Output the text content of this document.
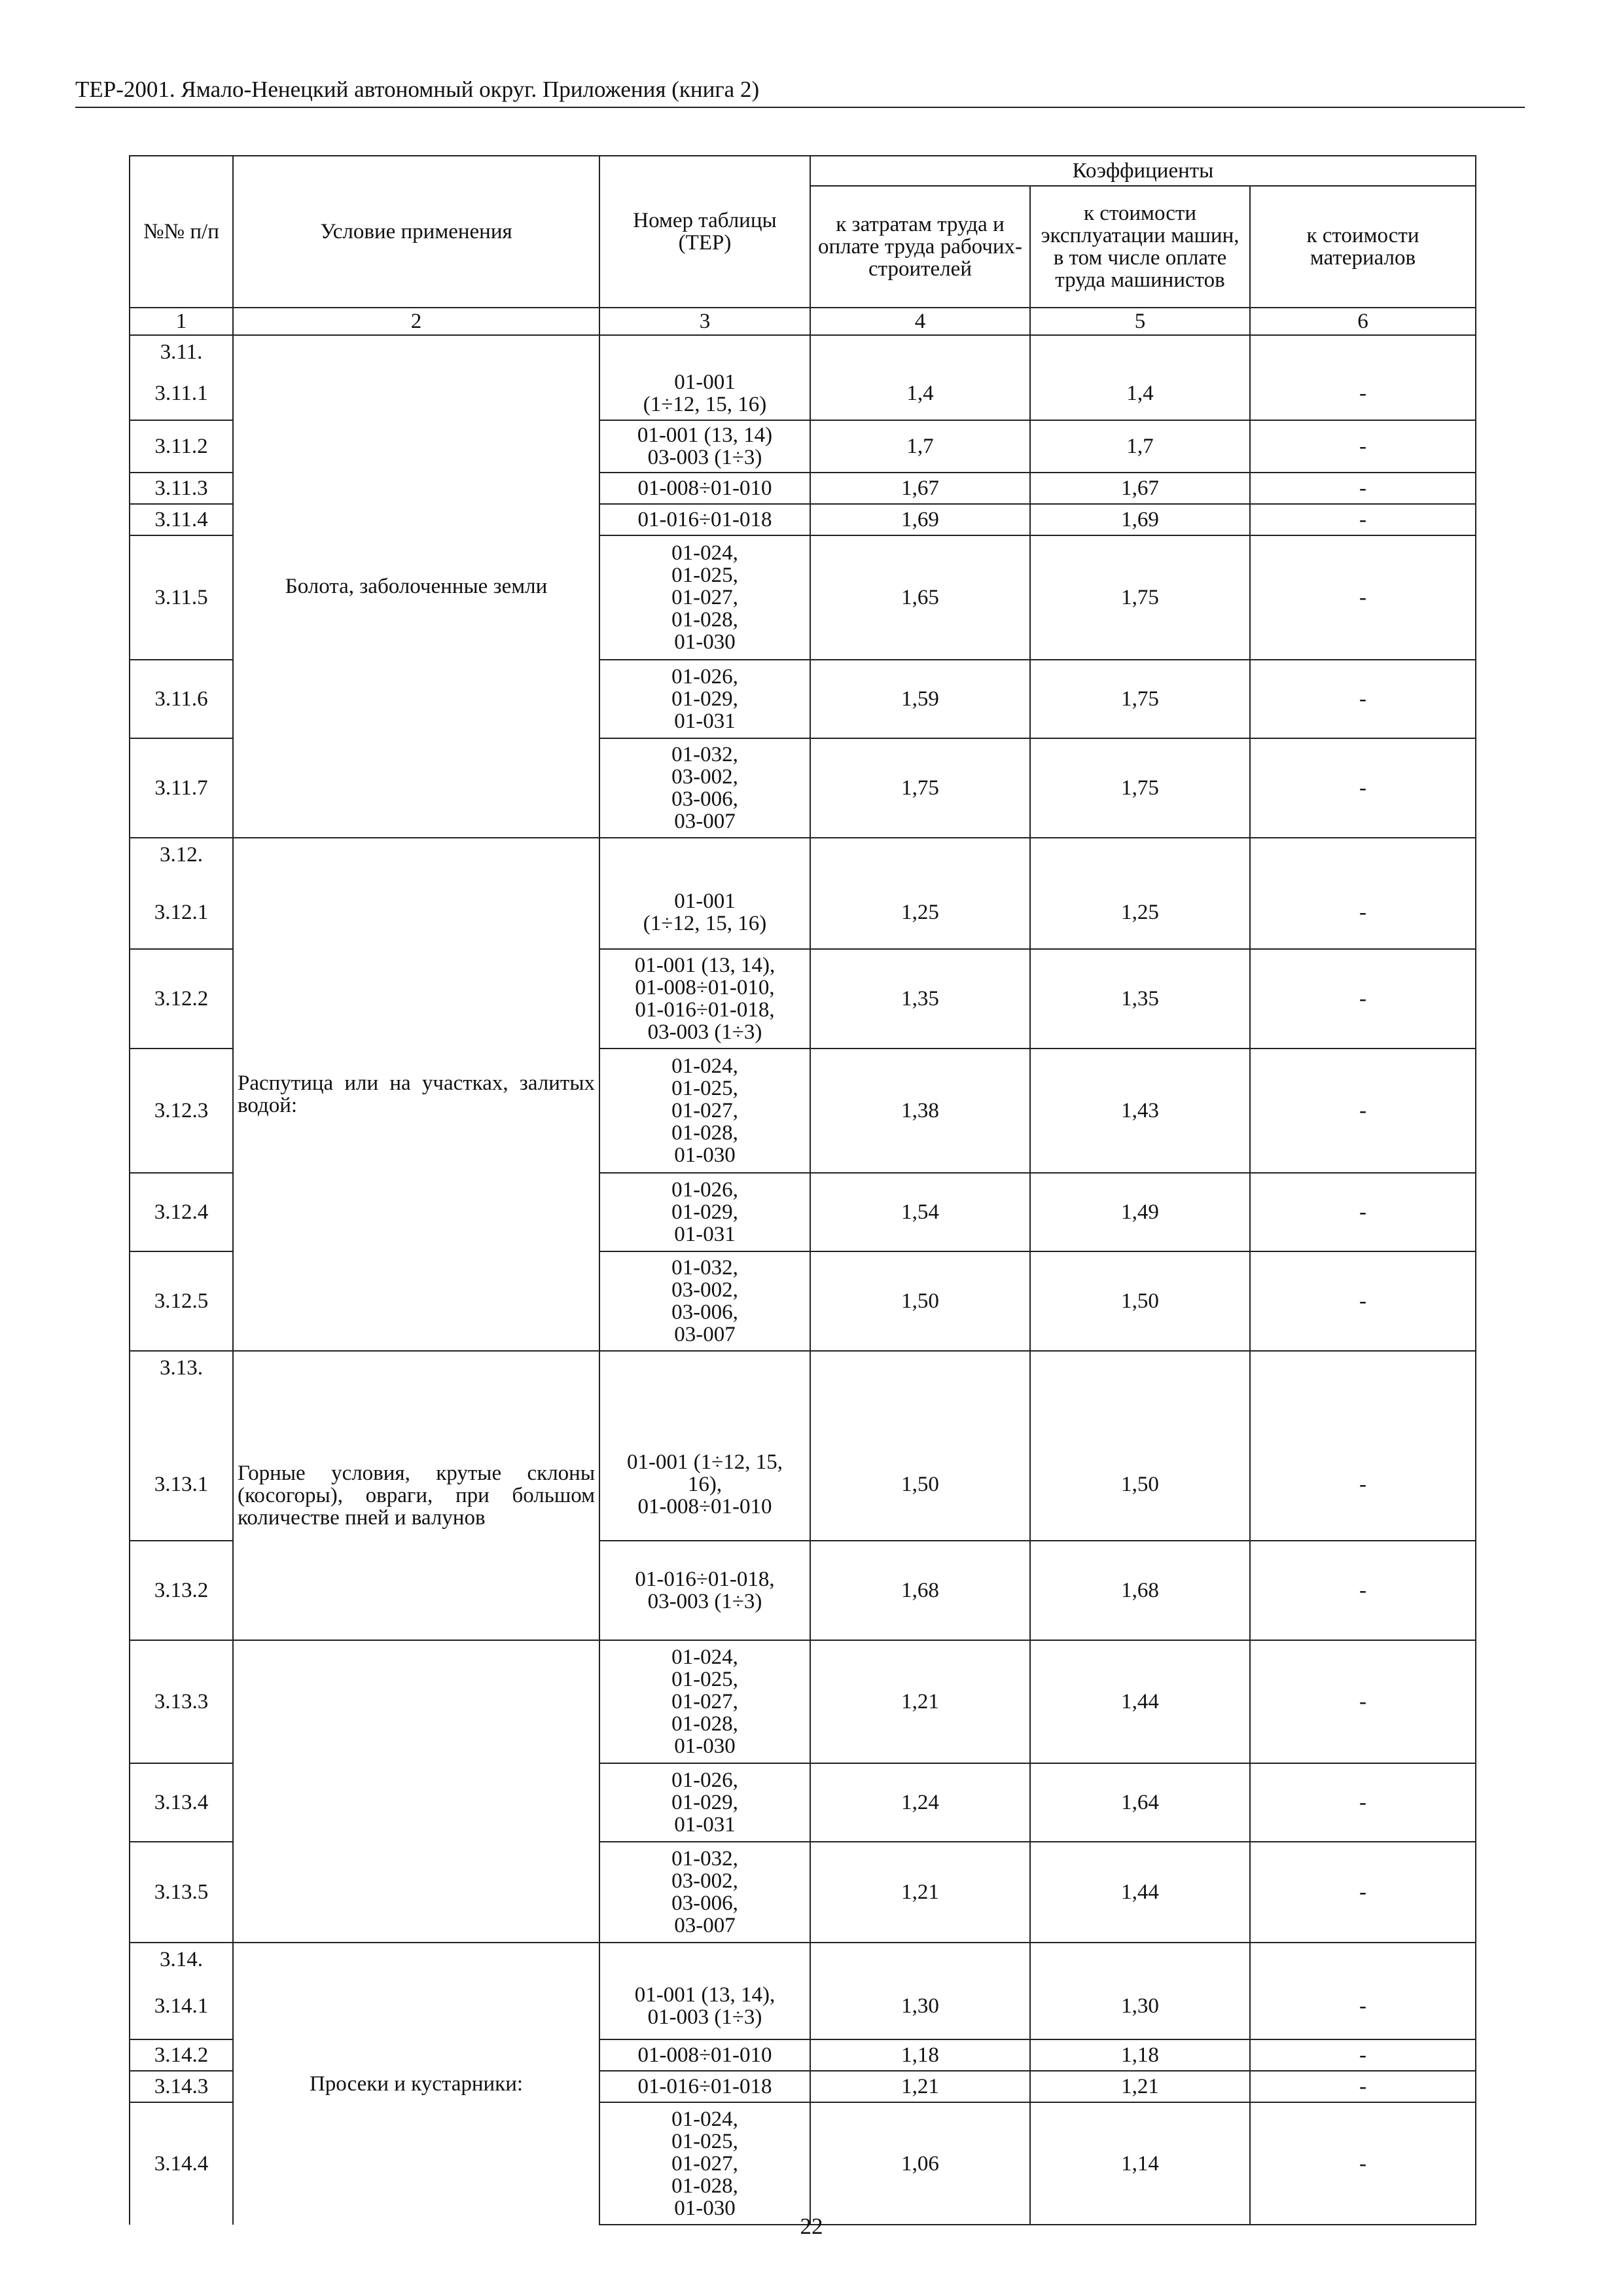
ТЕР-2001. Ямало-Ненецкий автономный округ. Приложения (книга 2)
№№ п/п	Условие применения	Номер таблицы (ТЕР)	Коэффициенты		
			к затратам труда и оплате труда рабочих-строителей	к стоимости эксплуатации машин, в том числе оплате труда машинистов	к стоимости материалов
1	2	3	4	5	6
3.11.	Болота, заболоченные земли				
3.11.1		01-001
(1÷12, 15, 16)	1,4	1,4	-
3.11.2		01-001 (13, 14)
03-003 (1÷3)	1,7	1,7	-
3.11.3		01-008÷01-010	1,67	1,67	-
3.11.4		01-016÷01-018	1,69	1,69	-
3.11.5		01-024,
01-025,
01-027,
01-028,
01-030	1,65	1,75	-
3.11.6		01-026,
01-029,
01-031	1,59	1,75	-
3.11.7		01-032,
03-002,
03-006,
03-007	1,75	1,75	-
3.12.	Распутица или на участках, залитых водой:				
3.12.1		01-001
(1÷12, 15, 16)	1,25	1,25	-
3.12.2		01-001 (13, 14),
01-008÷01-010,
01-016÷01-018,
03-003 (1÷3)	1,35	1,35	-
3.12.3		01-024,
01-025,
01-027,
01-028,
01-030	1,38	1,43	-
3.12.4		01-026,
01-029,
01-031	1,54	1,49	-
3.12.5		01-032,
03-002,
03-006,
03-007	1,50	1,50	-
3.13.	Горные условия, крутые склоны (косогоры), овраги, при большом количестве пней и валунов				
3.13.1		01-001 (1÷12, 15,
16),
01-008÷01-010	1,50	1,50	-
3.13.2		01-016÷01-018,
03-003 (1÷3)	1,68	1,68	-
3.13.3		01-024,
01-025,
01-027,
01-028,
01-030	1,21	1,44	-
3.13.4		01-026,
01-029,
01-031	1,24	1,64	-
3.13.5		01-032,
03-002,
03-006,
03-007	1,21	1,44	-
3.14.	Просеки и кустарники:				
3.14.1		01-001 (13, 14),
01-003 (1÷3)	1,30	1,30	-
3.14.2		01-008÷01-010	1,18	1,18	-
3.14.3		01-016÷01-018	1,21	1,21	-
3.14.4		01-024,
01-025,
01-027,
01-028,
01-030	1,06	1,14	-
22
